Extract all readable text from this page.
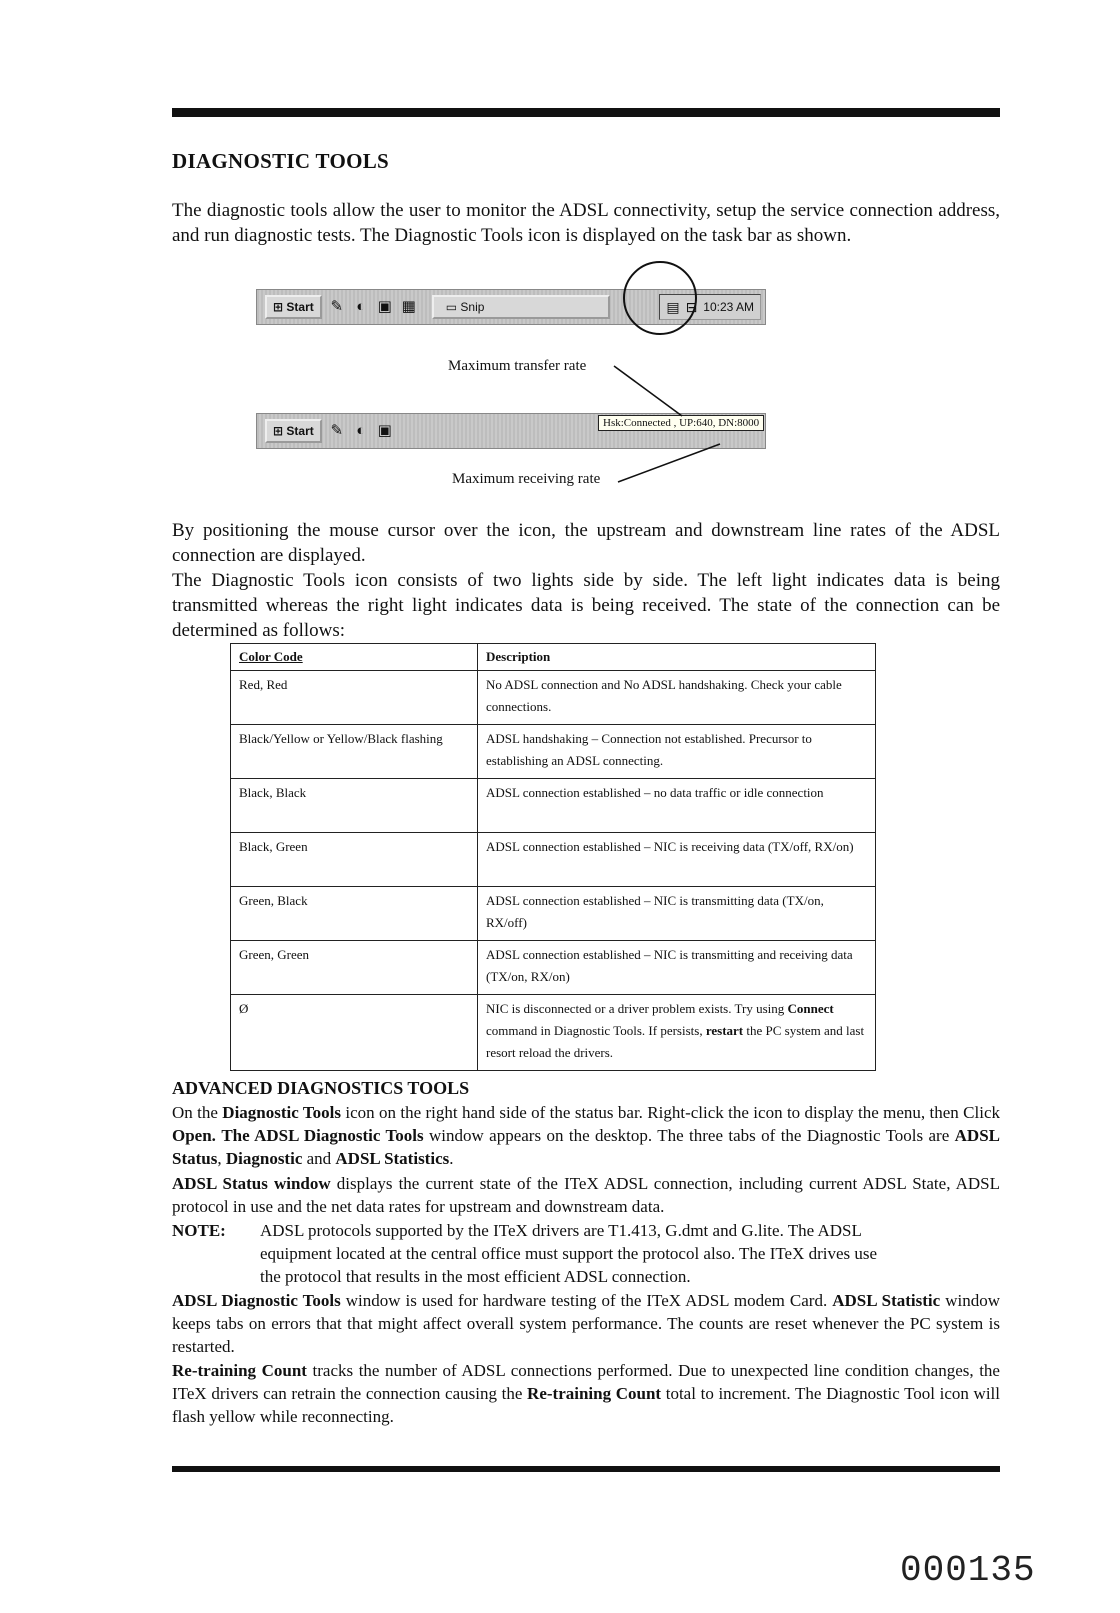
DIAGNOSTIC TOOLS

The diagnostic tools allow the user to monitor the ADSL connectivity, setup the service connection address, and run diagnostic tests. The Diagnostic Tools icon is displayed on the task bar as shown.

⊞ Start	✎ ◐ ▣ ▦	▭ Snip	▤ ⊟ 10:23 AM
Maximum transfer rate
⊞ Start	✎ ◐ ▣	Hsk:Connected , UP:640, DN:8000
Maximum receiving rate

By positioning the mouse cursor over the icon, the upstream and downstream line rates of the ADSL connection are displayed.

The Diagnostic Tools icon consists of two lights side by side. The left light indicates data is being transmitted whereas the right light indicates data is being received. The state of the connection can be determined as follows:

Color Code	Description
Red, Red	No ADSL connection and No ADSL handshaking. Check your cable connections.
Black/Yellow or Yellow/Black flashing	ADSL handshaking – Connection not established. Precursor to establishing an ADSL connecting.
Black, Black	ADSL connection established – no data traffic or idle connection
Black, Green	ADSL connection established – NIC is receiving data (TX/off, RX/on)
Green, Black	ADSL connection established – NIC is transmitting data (TX/on, RX/off)
Green, Green	ADSL connection established – NIC is transmitting and receiving data (TX/on, RX/on)
Ø	NIC is disconnected or a driver problem exists. Try using Connect command in Diagnostic Tools. If persists, restart the PC system and last resort reload the drivers.
ADVANCED DIAGNOSTICS TOOLS

On the Diagnostic Tools icon on the right hand side of the status bar. Right-click the icon to display the menu, then Click Open. The ADSL Diagnostic Tools window appears on the desktop. The three tabs of the Diagnostic Tools are ADSL Status, Diagnostic and ADSL Statistics.

ADSL Status window displays the current state of the ITeX ADSL connection, including current ADSL State, ADSL protocol in use and the net data rates for upstream and downstream data.

NOTE: ADSL protocols supported by the ITeX drivers are T1.413, G.dmt and G.lite. The ADSL equipment located at the central office must support the protocol also. The ITeX drives use the protocol that results in the most efficient ADSL connection.

ADSL Diagnostic Tools window is used for hardware testing of the ITeX ADSL modem Card. ADSL Statistic window keeps tabs on errors that that might affect overall system performance. The counts are reset whenever the PC system is restarted.

Re-training Count tracks the number of ADSL connections performed. Due to unexpected line condition changes, the ITeX drivers can retrain the connection causing the Re-training Count total to increment. The Diagnostic Tool icon will flash yellow while reconnecting.

000135
